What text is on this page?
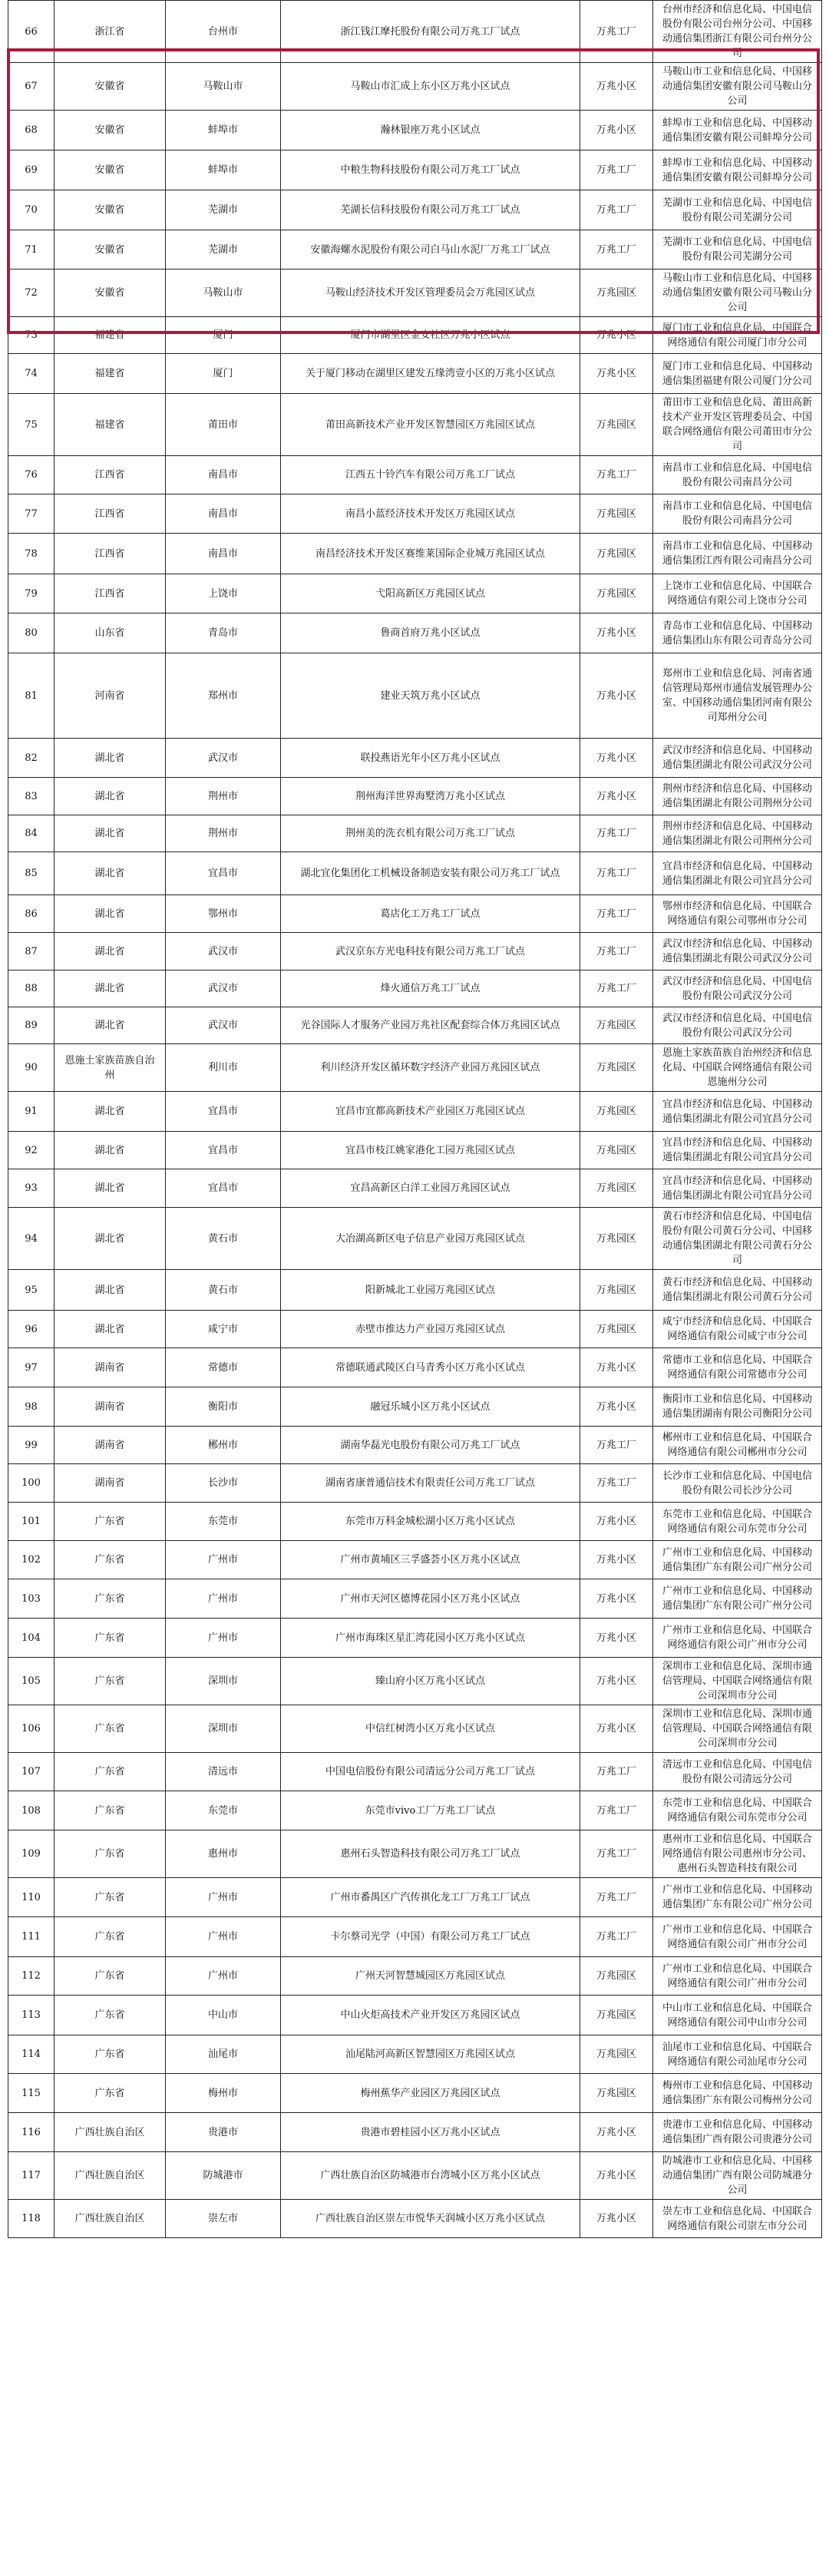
66	浙江省	台州市	浙江钱江摩托股份有限公司万兆工厂试点	万兆工厂	台州市经济和信息化局、中国电信股份有限公司台州分公司、中国移动通信集团浙江有限公司台州分公司
67	安徽省	马鞍山市	马鞍山市汇成上东小区万兆小区试点	万兆小区	马鞍山市工业和信息化局、中国移动通信集团安徽有限公司马鞍山分公司
68	安徽省	蚌埠市	瀚林银座万兆小区试点	万兆小区	蚌埠市工业和信息化局、中国移动通信集团安徽有限公司蚌埠分公司
69	安徽省	蚌埠市	中粮生物科技股份有限公司万兆工厂试点	万兆工厂	蚌埠市工业和信息化局、中国移动通信集团安徽有限公司蚌埠分公司
70	安徽省	芜湖市	芜湖长信科技股份有限公司万兆工厂试点	万兆工厂	芜湖市工业和信息化局、中国电信股份有限公司芜湖分公司
71	安徽省	芜湖市	安徽海螺水泥股份有限公司白马山水泥厂万兆工厂试点	万兆工厂	芜湖市工业和信息化局、中国电信股份有限公司芜湖分公司
72	安徽省	马鞍山市	马鞍山经济技术开发区管理委员会万兆园区试点	万兆园区	马鞍山市工业和信息化局、中国移动通信集团安徽有限公司马鞍山分公司
73	福建省	厦门	厦门市湖里区金安社区万兆小区试点	万兆小区	厦门市工业和信息化局、中国联合网络通信有限公司厦门市分公司
74	福建省	厦门	关于厦门移动在湖里区建发五缘湾壹小区的万兆小区试点	万兆小区	厦门市工业和信息化局、中国移动通信集团福建有限公司厦门分公司
75	福建省	莆田市	莆田高新技术产业开发区智慧园区万兆园区试点	万兆园区	莆田市工业和信息化局、莆田高新技术产业开发区管理委员会、中国联合网络通信有限公司莆田市分公司
76	江西省	南昌市	江西五十铃汽车有限公司万兆工厂试点	万兆工厂	南昌市工业和信息化局、中国电信股份有限公司南昌分公司
77	江西省	南昌市	南昌小蓝经济技术开发区万兆园区试点	万兆园区	南昌市工业和信息化局、中国电信股份有限公司南昌分公司
78	江西省	南昌市	南昌经济技术开发区赛维莱国际企业城万兆园区试点	万兆园区	南昌市工业和信息化局、中国移动通信集团江西有限公司南昌分公司
79	江西省	上饶市	弋阳高新区万兆园区试点	万兆园区	上饶市工业和信息化局、中国联合网络通信有限公司上饶市分公司
80	山东省	青岛市	鲁商首府万兆小区试点	万兆小区	青岛市工业和信息化局、中国移动通信集团山东有限公司青岛分公司
81	河南省	郑州市	建业天筑万兆小区试点	万兆小区	郑州市工业和信息化局、河南省通信管理局郑州市通信发展管理办公室、中国移动通信集团河南有限公司郑州分公司
82	湖北省	武汉市	联投燕语光年小区万兆小区试点	万兆小区	武汉市经济和信息化局、中国移动通信集团湖北有限公司武汉分公司
83	湖北省	荆州市	荆州海洋世界海墅湾万兆小区试点	万兆小区	荆州市经济和信息化局、中国移动通信集团湖北有限公司荆州分公司
84	湖北省	荆州市	荆州美的洗衣机有限公司万兆工厂试点	万兆工厂	荆州市经济和信息化局、中国移动通信集团湖北有限公司荆州分公司
85	湖北省	宜昌市	湖北宜化集团化工机械设备制造安装有限公司万兆工厂试点	万兆工厂	宜昌市经济和信息化局、中国移动通信集团湖北有限公司宜昌分公司
86	湖北省	鄂州市	葛店化工万兆工厂试点	万兆工厂	鄂州市经济和信息化局、中国联合网络通信有限公司鄂州市分公司
87	湖北省	武汉市	武汉京东方光电科技有限公司万兆工厂试点	万兆工厂	武汉市经济和信息化局、中国移动通信集团湖北有限公司武汉分公司
88	湖北省	武汉市	烽火通信万兆工厂试点	万兆工厂	武汉市经济和信息化局、中国电信股份有限公司武汉分公司
89	湖北省	武汉市	光谷国际人才服务产业园万兆社区配套综合体万兆园区试点	万兆园区	武汉市经济和信息化局、中国电信股份有限公司武汉分公司
90	恩施土家族苗族自治州	利川市	利川经济开发区循环数字经济产业园万兆园区试点	万兆园区	恩施土家族苗族自治州经济和信息化局、中国联合网络通信有限公司恩施州分公司
91	湖北省	宜昌市	宜昌市宜都高新技术产业园区万兆园区试点	万兆园区	宜昌市经济和信息化局、中国移动通信集团湖北有限公司宜昌分公司
92	湖北省	宜昌市	宜昌市枝江姚家港化工园万兆园区试点	万兆园区	宜昌市经济和信息化局、中国移动通信集团湖北有限公司宜昌分公司
93	湖北省	宜昌市	宜昌高新区白洋工业园万兆园区试点	万兆园区	宜昌市经济和信息化局、中国移动通信集团湖北有限公司宜昌分公司
94	湖北省	黄石市	大冶湖高新区电子信息产业园万兆园区试点	万兆园区	黄石市经济和信息化局、中国电信股份有限公司黄石分公司、中国移动通信集团湖北有限公司黄石分公司
95	湖北省	黄石市	阳新城北工业园万兆园区试点	万兆园区	黄石市经济和信息化局、中国移动通信集团湖北有限公司黄石分公司
96	湖北省	咸宁市	赤壁市推达力产业园万兆园区试点	万兆园区	咸宁市经济和信息化局、中国联合网络通信有限公司咸宁市分公司
97	湖南省	常德市	常德联通武陵区白马青秀小区万兆小区试点	万兆小区	常德市工业和信息化局、中国联合网络通信有限公司常德市分公司
98	湖南省	衡阳市	融冠乐城小区万兆小区试点	万兆小区	衡阳市工业和信息化局、中国移动通信集团湖南有限公司衡阳分公司
99	湖南省	郴州市	湖南华磊光电股份有限公司万兆工厂试点	万兆工厂	郴州市工业和信息化局、中国联合网络通信有限公司郴州市分公司
100	湖南省	长沙市	湖南省康普通信技术有限责任公司万兆工厂试点	万兆工厂	长沙市工业和信息化局、中国电信股份有限公司长沙分公司
101	广东省	东莞市	东莞市万科金城松湖小区万兆小区试点	万兆小区	东莞市工业和信息化局、中国联合网络通信有限公司东莞市分公司
102	广东省	广州市	广州市黄埔区三孚盛荟小区万兆小区试点	万兆小区	广州市工业和信息化局、中国移动通信集团广东有限公司广州分公司
103	广东省	广州市	广州市天河区德博花园小区万兆小区试点	万兆小区	广州市工业和信息化局、中国移动通信集团广东有限公司广州分公司
104	广东省	广州市	广州市海珠区星汇湾花园小区万兆小区试点	万兆小区	广州市工业和信息化局、中国联合网络通信有限公司广州市分公司
105	广东省	深圳市	臻山府小区万兆小区试点	万兆小区	深圳市工业和信息化局、深圳市通信管理局、中国联合网络通信有限公司深圳市分公司
106	广东省	深圳市	中信红树湾小区万兆小区试点	万兆小区	深圳市工业和信息化局、深圳市通信管理局、中国联合网络通信有限公司深圳市分公司
107	广东省	清远市	中国电信股份有限公司清远分公司万兆工厂试点	万兆工厂	清远市工业和信息化局、中国电信股份有限公司清远分公司
108	广东省	东莞市	东莞市vivo工厂万兆工厂试点	万兆工厂	东莞市工业和信息化局、中国联合网络通信有限公司东莞市分公司
109	广东省	惠州市	惠州石头智造科技有限公司万兆工厂试点	万兆工厂	惠州市工业和信息化局、中国联合网络通信有限公司惠州市分公司、惠州石头智造科技有限公司
110	广东省	广州市	广州市番禺区广汽传祺化龙工厂万兆工厂试点	万兆工厂	广州市工业和信息化局、中国移动通信集团广东有限公司广州分公司
111	广东省	广州市	卡尔蔡司光学（中国）有限公司万兆工厂试点	万兆工厂	广州市工业和信息化局、中国联合网络通信有限公司广州市分公司
112	广东省	广州市	广州天河智慧城园区万兆园区试点	万兆园区	广州市工业和信息化局、中国联合网络通信有限公司广州市分公司
113	广东省	中山市	中山火炬高技术产业开发区万兆园区试点	万兆园区	中山市工业和信息化局、中国联合网络通信有限公司中山市分公司
114	广东省	汕尾市	汕尾陆河高新区智慧园区万兆园区试点	万兆园区	汕尾市工业和信息化局、中国联合网络通信有限公司汕尾市分公司
115	广东省	梅州市	梅州蕉华产业园区万兆园区试点	万兆园区	梅州市工业和信息化局、中国移动通信集团广东有限公司梅州分公司
116	广西壮族自治区	贵港市	贵港市碧桂园小区万兆小区试点	万兆小区	贵港市工业和信息化局、中国移动通信集团广西有限公司贵港分公司
117	广西壮族自治区	防城港市	广西壮族自治区防城港市台湾城小区万兆小区试点	万兆小区	防城港市工业和信息化局、中国移动通信集团广西有限公司防城港分公司
118	广西壮族自治区	崇左市	广西壮族自治区崇左市悦华天润城小区万兆小区试点	万兆小区	崇左市工业和信息化局、中国联合网络通信有限公司崇左市分公司
